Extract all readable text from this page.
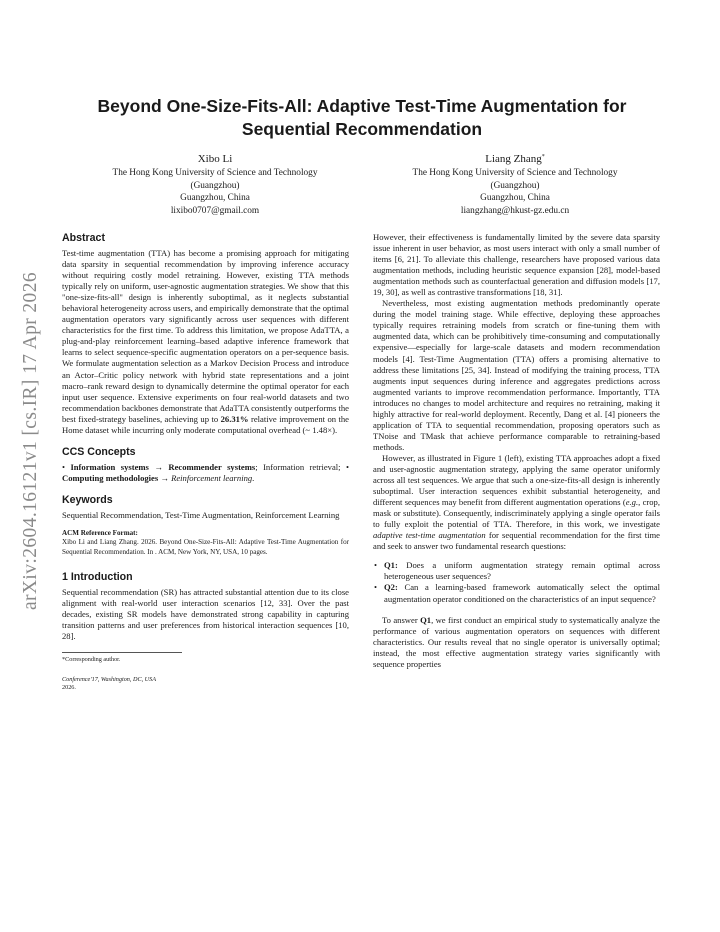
arXiv:2604.16121v1 [cs.IR] 17 Apr 2026
Beyond One-Size-Fits-All: Adaptive Test-Time Augmentation for
Sequential Recommendation
Xibo Li
The Hong Kong University of Science and Technology
(Guangzhou)
Guangzhou, China
lixibo0707@gmail.com
Liang Zhang*
The Hong Kong University of Science and Technology
(Guangzhou)
Guangzhou, China
liangzhang@hkust-gz.edu.cn
Abstract

Test-time augmentation (TTA) has become a promising approach for mitigating data sparsity in sequential recommendation by improving inference accuracy without requiring costly model retraining. However, existing TTA methods typically rely on uniform, user-agnostic augmentation strategies. We show that this "one-size-fits-all" design is inherently suboptimal, as it neglects substantial behavioral heterogeneity across users, and empirically demonstrate that the optimal augmentation operators vary significantly across user sequences with different characteristics for the first time. To address this limitation, we propose AdaTTA, a plug-and-play reinforcement learning–based adaptive inference framework that learns to select sequence-specific augmentation operators on a per-sequence basis. We formulate augmentation selection as a Markov Decision Process and introduce an Actor–Critic policy network with hybrid state representations and a joint macro–rank reward design to dynamically determine the optimal operator for each input user sequence. Extensive experiments on four real-world datasets and two recommendation backbones demonstrate that AdaTTA consistently outperforms the best fixed-strategy baselines, achieving up to 26.31% relative improvement on the Home dataset while incurring only moderate computational overhead (~ 1.48×).

CCS Concepts

• Information systems → Recommender systems; Information retrieval; • Computing methodologies → Reinforcement learning.

Keywords

Sequential Recommendation, Test-Time Augmentation, Reinforcement Learning

ACM Reference Format:

Xibo Li and Liang Zhang. 2026. Beyond One-Size-Fits-All: Adaptive Test-Time Augmentation for Sequential Recommendation. In . ACM, New York, NY, USA, 10 pages.

1 Introduction

Sequential recommendation (SR) has attracted substantial attention due to its close alignment with real-world user interaction scenarios [12, 33]. Over the past decades, existing SR models have demonstrated strong capability in capturing transition patterns and user preferences from historical interaction sequences [10, 28].

*Corresponding author.

Conference'17, Washington, DC, USA

2026.

However, their effectiveness is fundamentally limited by the severe data sparsity issue inherent in user behavior, as most users interact with only a small number of items [6, 21]. To alleviate this challenge, researchers have proposed various data augmentation methods, including heuristic sequence expansion [28], model-based augmentation methods such as counterfactual generation and diffusion models [17, 19, 30], as well as contrastive transformations [18, 31].

Nevertheless, most existing augmentation methods predominantly operate during the model training stage. While effective, deploying these approaches typically requires retraining models from scratch or fine-tuning them with augmented data, which can be prohibitively time-consuming and computationally expensive—especially for large-scale datasets and modern recommendation models [4]. Test-Time Augmentation (TTA) offers a promising alternative to address these limitations [25, 34]. Instead of modifying the training process, TTA augments input sequences during inference and aggregates predictions across augmented variants to improve recommendation performance. Importantly, TTA introduces no changes to model architecture and requires no retraining, making it highly attractive for real-world deployment. Recently, Dang et al. [4] pioneers the application of TTA to sequential recommendation, proposing operators such as TNoise and TMask that achieve performance comparable to retraining-based methods.

However, as illustrated in Figure 1 (left), existing TTA approaches adopt a fixed and user-agnostic augmentation strategy, applying the same operator uniformly across all test sequences. We argue that such a one-size-fits-all design is inherently suboptimal. User interaction sequences exhibit substantial heterogeneity, and different sequences may benefit from different augmentation operations (e.g., crop, mask or substitute). Consequently, indiscriminately applying a single operator fails to fully exploit the potential of TTA. Therefore, in this work, we investigate adaptive test-time augmentation for sequential recommendation for the first time and seek to answer two fundamental research questions:

• Q1: Does a uniform augmentation strategy remain optimal across heterogeneous user sequences?
• Q2: Can a learning-based framework automatically select the optimal augmentation operator conditioned on the characteristics of an input sequence?

To answer Q1, we first conduct an empirical study to systematically analyze the performance of various augmentation operators on sequences with different characteristics. Our results reveal that no single operator is universally optimal; instead, the most effective augmentation strategy varies significantly with sequence properties
